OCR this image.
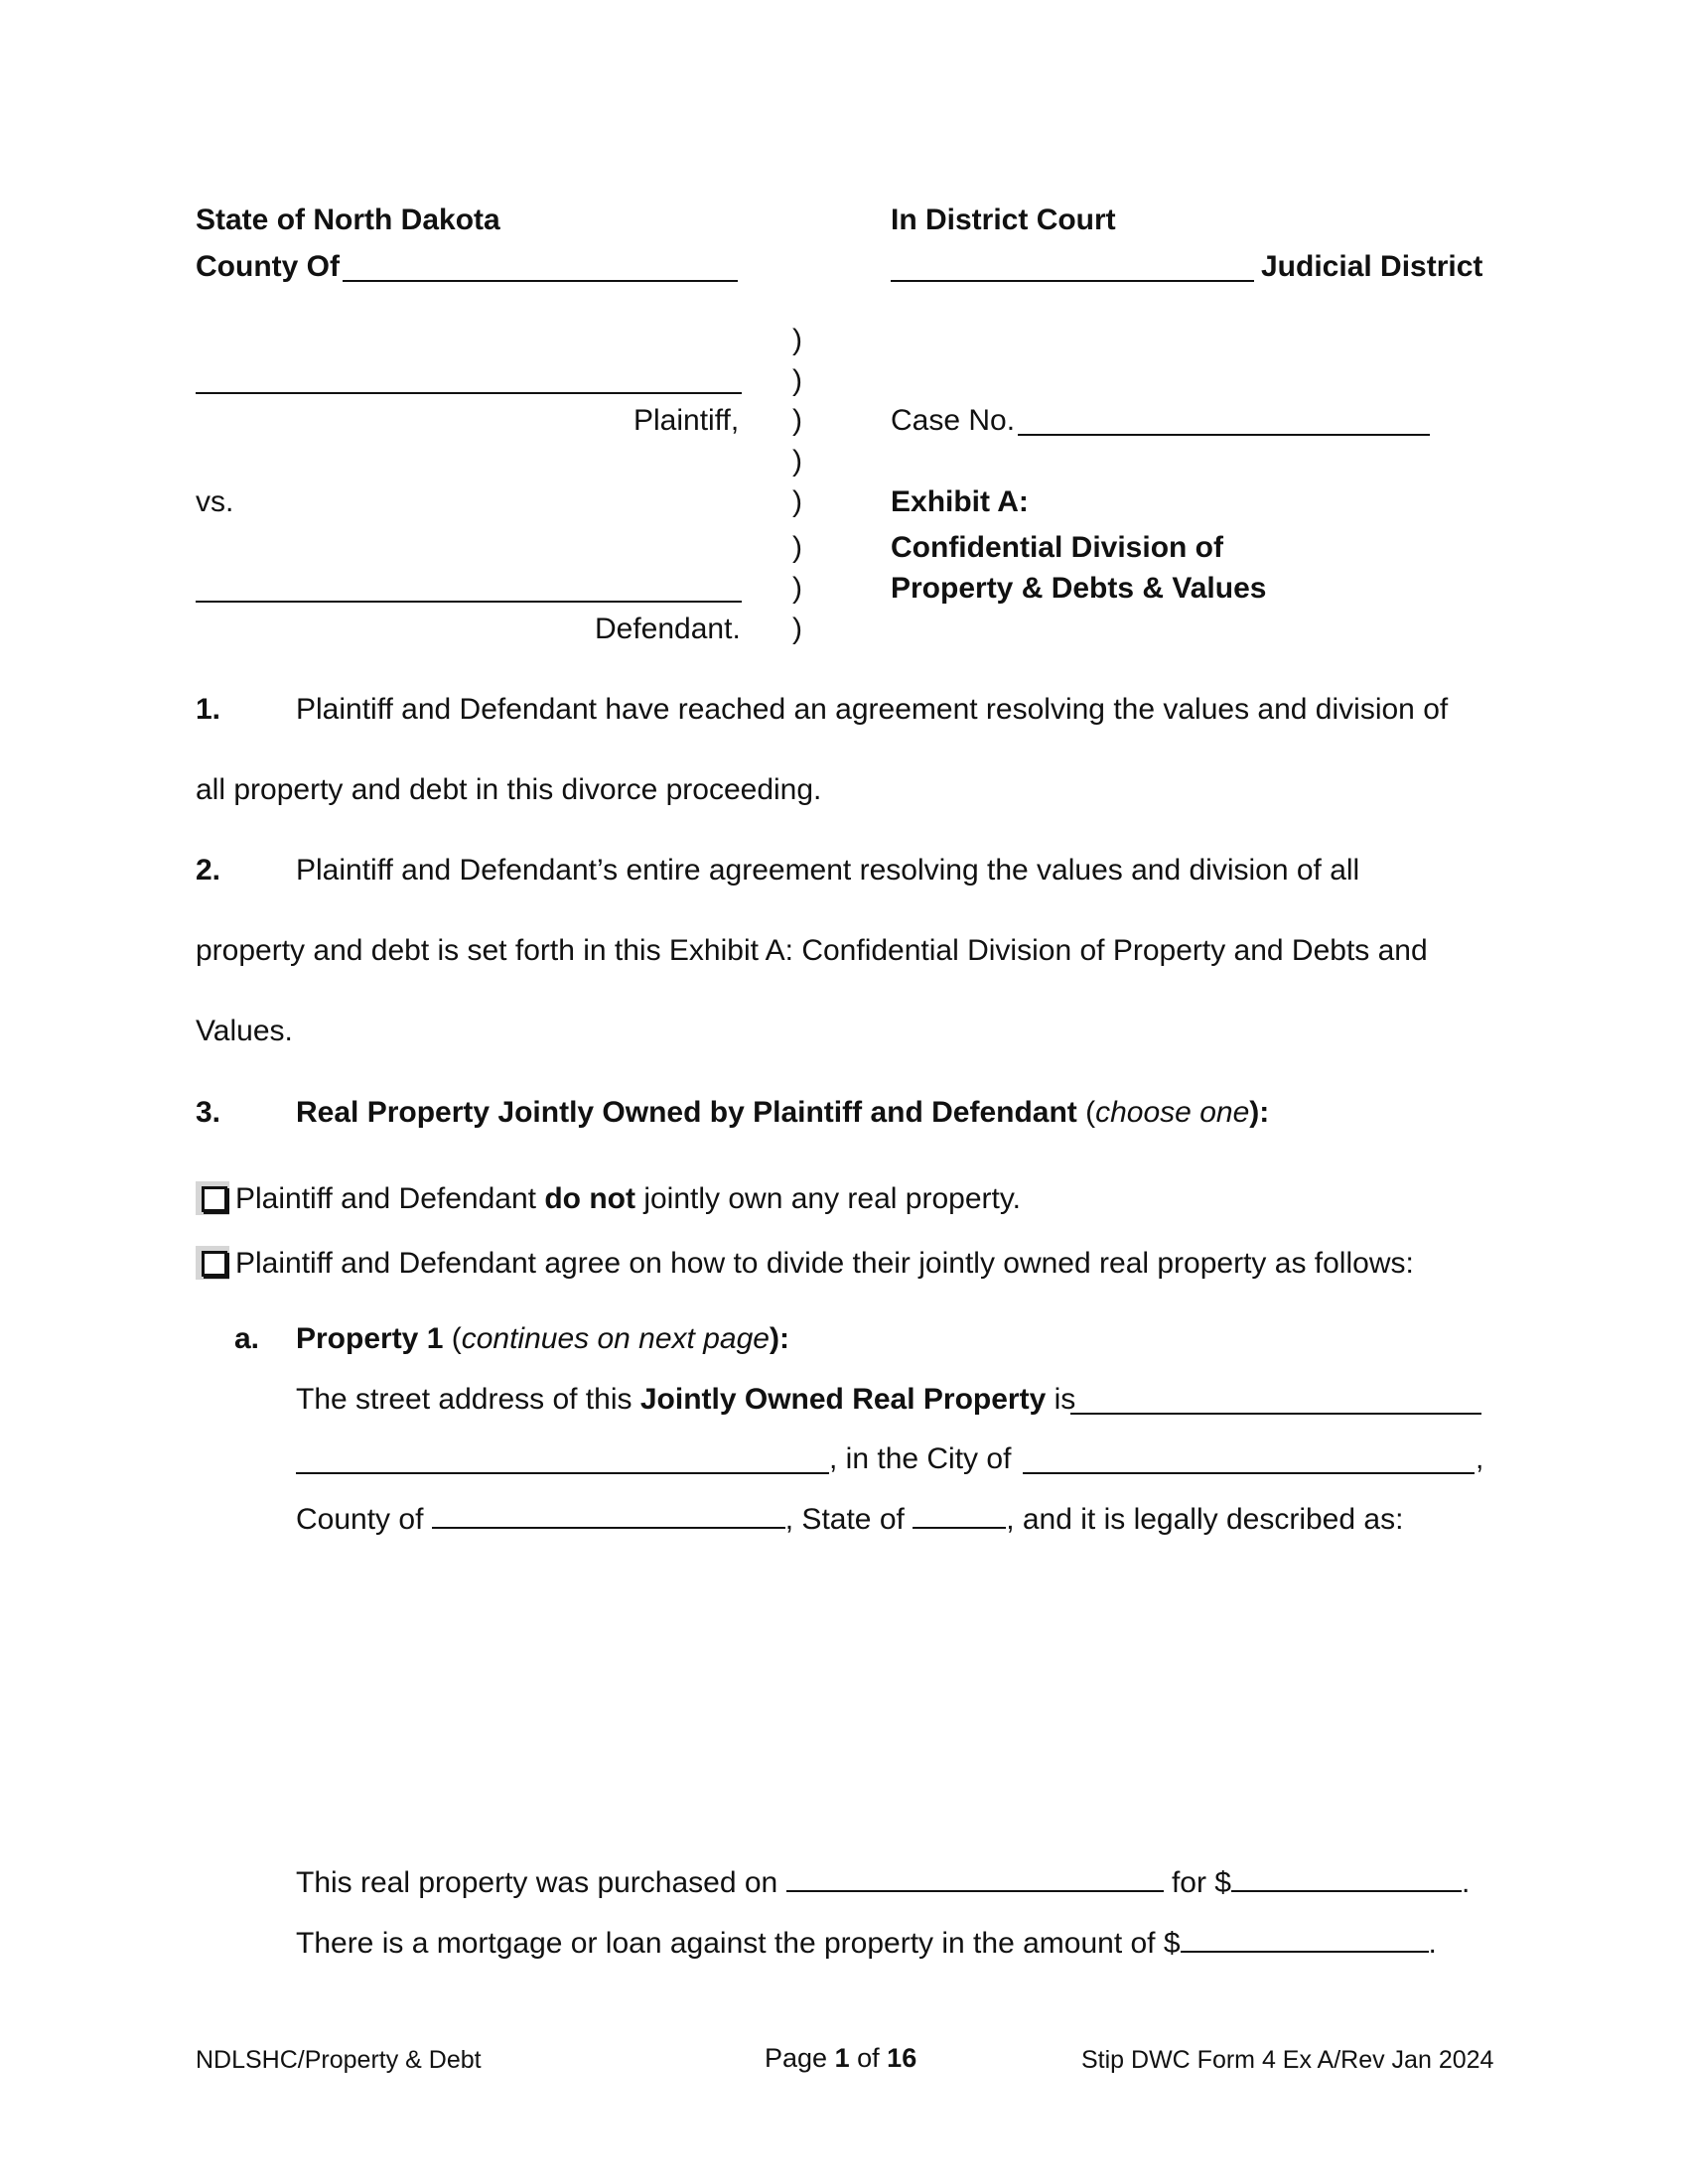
State of North Dakota
County Of
In District Court
Judicial District
Plaintiff,
vs.
Defendant.
)
)
)
)
)
)
)
)
Case No.
Exhibit A:
Confidential Division of
Property & Debts & Values
1.	Plaintiff and Defendant have reached an agreement resolving the values and division of
all property and debt in this divorce proceeding.
2.	Plaintiff and Defendant’s entire agreement resolving the values and division of all
property and debt is set forth in this Exhibit A: Confidential Division of Property and Debts and
Values.
3.	Real Property Jointly Owned by Plaintiff and Defendant (choose one):
Plaintiff and Defendant do not jointly own any real property.
Plaintiff and Defendant agree on how to divide their jointly owned real property as follows:
a. Property 1 (continues on next page):
The street address of this Jointly Owned Real Property is
, in the City of	,
County of	, State of	, and it is legally described as:
This real property was purchased on	for $	.
There is a mortgage or loan against the property in the amount of $	.
NDLSHC/Property & Debt	Page 1 of 16	Stip DWC Form 4 Ex A/Rev Jan 2024
